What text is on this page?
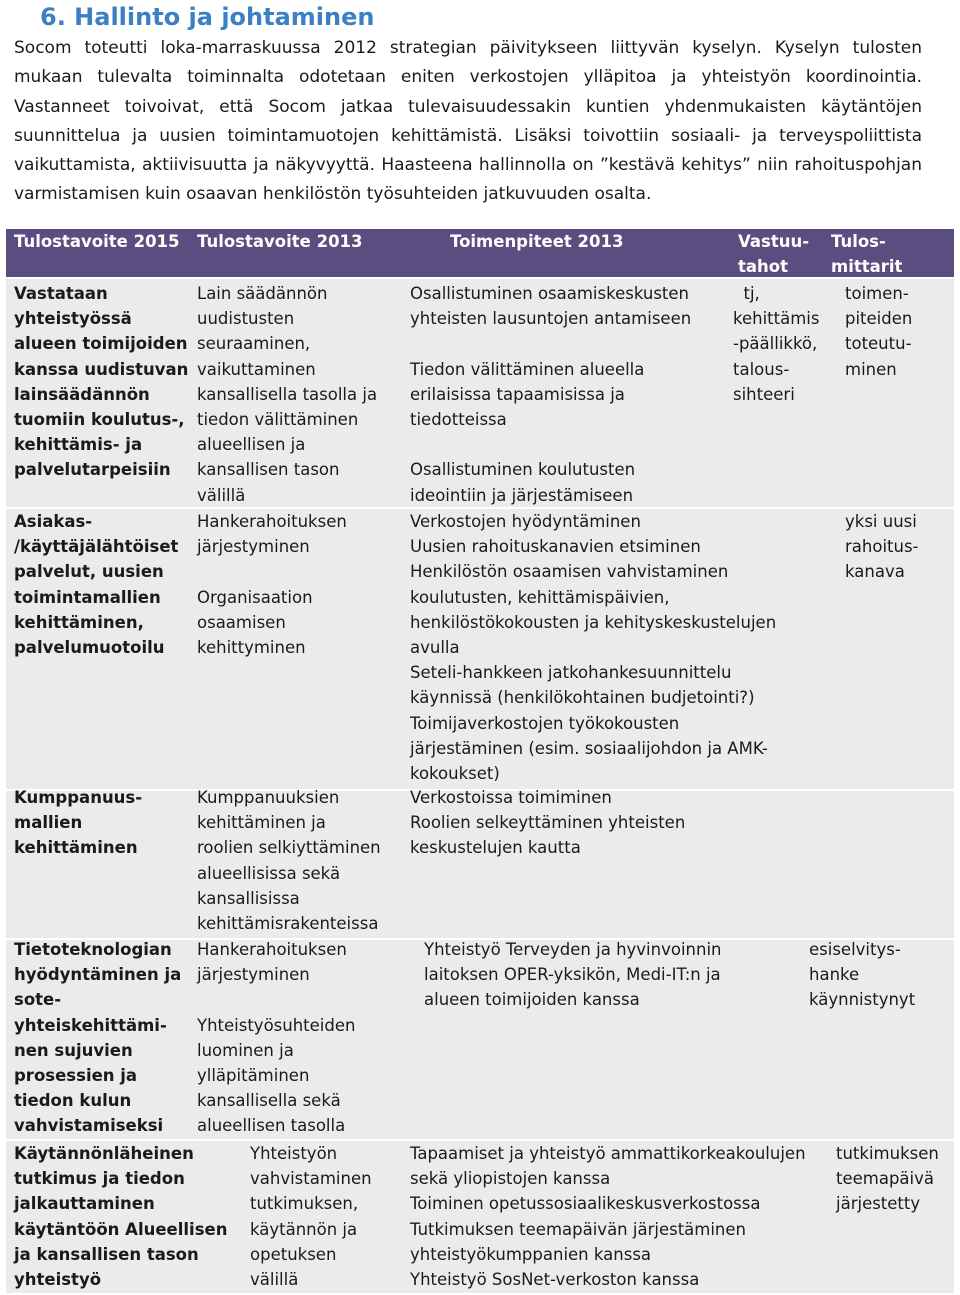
6. Hallinto ja johtaminen

Socom toteutti loka-marraskuussa 2012 strategian päivitykseen liittyvän kyselyn. Kyselyn tulosten mukaan tulevalta toiminnalta odotetaan eniten verkostojen ylläpitoa ja yhteistyön koordinointia. Vastanneet toivoivat, että Socom jatkaa tulevaisuudessakin kuntien yhdenmukaisten käytäntöjen suunnittelua ja uusien toimintamuotojen kehittämistä. Lisäksi toivottiin sosiaali- ja terveyspoliittista vaikuttamista, aktiivisuutta ja näkyvyyttä. Haasteena hallinnolla on ”kestävä kehitys” niin rahoituspohjan varmistamisen kuin osaavan henkilöstön työsuhteiden jatkuvuuden osalta.

Tulostavoite 2015 Tulostavoite 2013	Toimenpiteet 2013	Vastuu-
tahot
Tulos-
mittarit
Vastataan
yhteistyössä
alueen toimijoiden
kanssa uudistuvan
lainsäädännön
tuomiin koulutus-,
kehittämis- ja
palvelutarpeisiin
Lain säädännön
uudistusten
seuraaminen,
vaikuttaminen
kansallisella tasolla ja
tiedon välittäminen
alueellisen ja
kansallisen tason
välillä
Osallistuminen osaamiskeskusten
yhteisten lausuntojen antamiseen

Tiedon välittäminen alueella
erilaisissa tapaamisissa ja
tiedotteissa

Osallistuminen koulutusten
ideointiin ja järjestämiseen
tj,
kehittämis
-päällikkö,
talous-
sihteeri
toimen-
piteiden
toteutu-
minen
Asiakas-
/käyttäjälähtöiset
palvelut, uusien
toimintamallien
kehittäminen,
palvelumuotoilu
Hankerahoituksen
järjestyminen

Organisaation
osaamisen
kehittyminen
Verkostojen hyödyntäminen
Uusien rahoituskanavien etsiminen
Henkilöstön osaamisen vahvistaminen
koulutusten, kehittämispäivien,
henkilöstökokousten ja kehityskeskustelujen
avulla
Seteli-hankkeen jatkohankesuunnittelu
käynnissä (henkilökohtainen budjetointi?)
Toimijaverkostojen työkokousten
järjestäminen (esim. sosiaalijohdon ja AMK-
kokoukset)
yksi uusi
rahoitus-
kanava
Kumppanuus-
mallien
kehittäminen
Kumppanuuksien
kehittäminen ja
roolien selkiyttäminen
alueellisissa sekä
kansallisissa
kehittämisrakenteissa
Verkostoissa toimiminen
Roolien selkeyttäminen yhteisten
keskustelujen kautta
Tietoteknologian
hyödyntäminen ja
sote-
yhteiskehittämi-
nen sujuvien
prosessien ja
tiedon kulun
vahvistamiseksi
Hankerahoituksen
järjestyminen

Yhteistyösuhteiden
luominen ja
ylläpitäminen
kansallisella sekä
alueellisen tasolla
Yhteistyö Terveyden ja hyvinvoinnin
laitoksen OPER-yksikön, Medi-IT:n ja
alueen toimijoiden kanssa
esiselvitys-
hanke
käynnistynyt
Käytännönläheinen
tutkimus ja tiedon
jalkauttaminen
käytäntöön Alueellisen
ja kansallisen tason
yhteistyö
Yhteistyön
vahvistaminen
tutkimuksen,
käytännön ja
opetuksen
välillä
Tapaamiset ja yhteistyö ammattikorkeakoulujen
sekä yliopistojen kanssa
Toiminen opetussosiaalikeskusverkostossa
Tutkimuksen teemapäivän järjestäminen
yhteistyökumppanien kanssa
Yhteistyö SosNet-verkoston kanssa
tutkimuksen
teemapäivä
järjestetty
